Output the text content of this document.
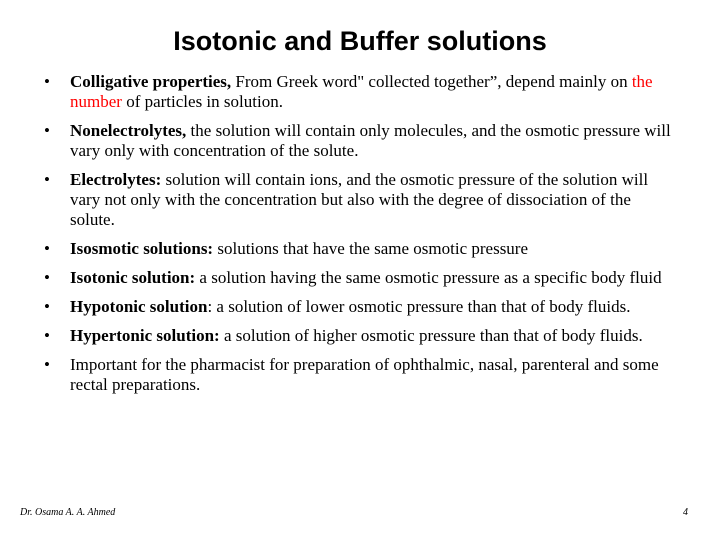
Isotonic and Buffer solutions
• Colligative properties, From Greek word" collected together”, depend mainly on the number of particles in solution.
• Nonelectrolytes, the solution will contain only molecules, and the osmotic pressure will vary only with concentration of the solute.
• Electrolytes: solution will contain ions, and the osmotic pressure of the solution will vary not only with the concentration but also with the degree of dissociation of the solute.
• Isosmotic solutions: solutions that have the same osmotic pressure
• Isotonic solution: a solution having the same osmotic pressure as a specific body fluid
• Hypotonic solution: a solution of lower osmotic pressure than that of body fluids.
• Hypertonic solution: a solution of higher osmotic pressure than that of body fluids.
• Important for the pharmacist for preparation of ophthalmic, nasal, parenteral and some rectal preparations.
Dr. Osama A. A. Ahmed	4
